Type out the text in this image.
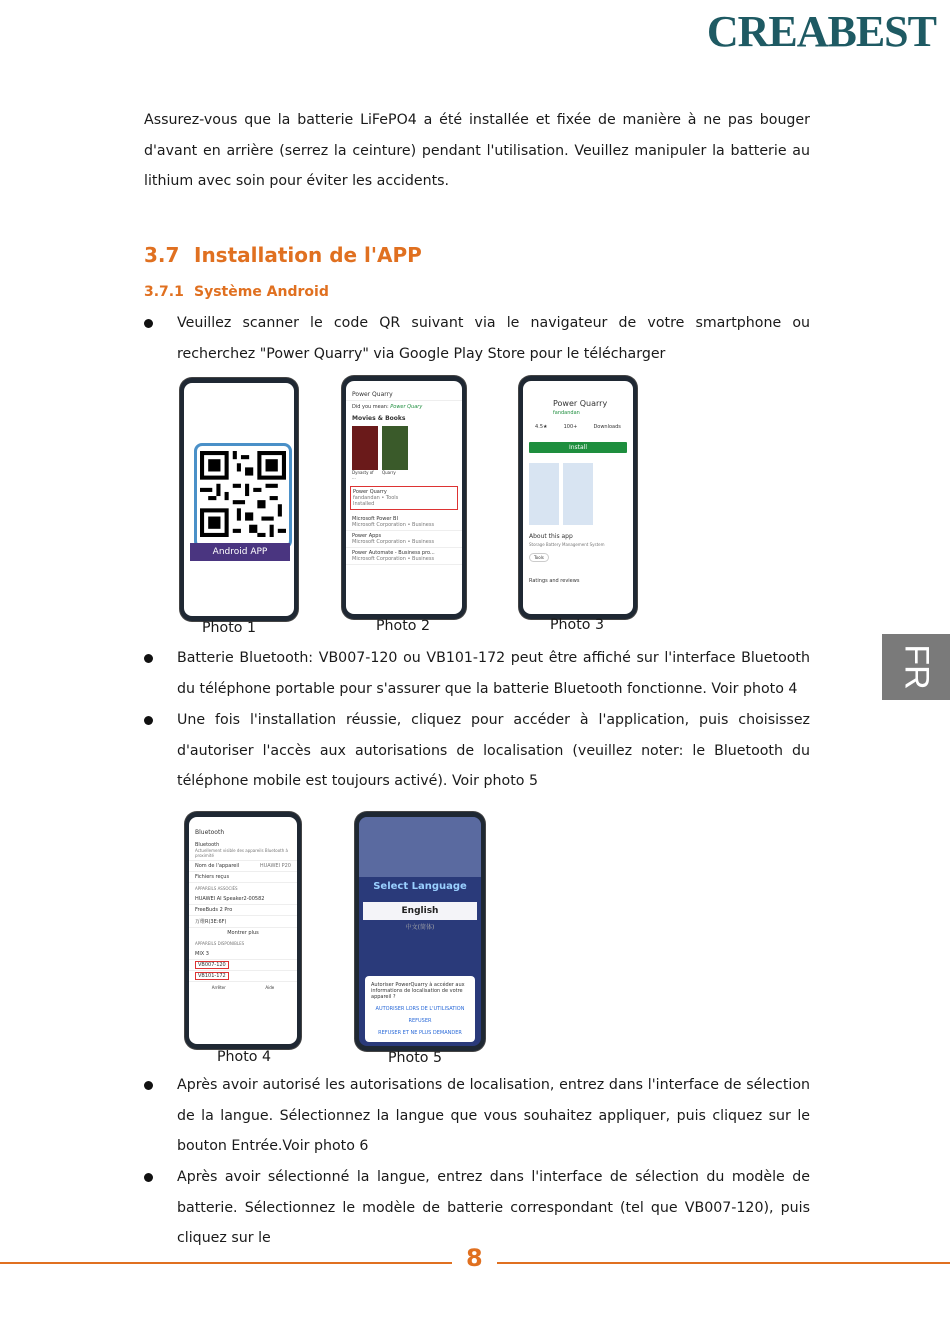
CREABEST
Assurez-vous que la batterie LiFePO4 a été installée et fixée de manière à ne pas bouger d'avant en arrière (serrez la ceinture) pendant l'utilisation. Veuillez manipuler la batterie au lithium avec soin pour éviter les accidents.
3.7 Installation de l'APP
3.7.1 Système Android
Veuillez scanner le code QR suivant via le navigateur de votre smartphone ou recherchez "Power Quarry" via Google Play Store pour le télécharger
Android APP
Power Quarry
Did you mean: Power Quary
Movies & Books
Dynasty of ...
Quarry
Power Quarry
fandandan • Tools
Installed
Microsoft Power BI
Microsoft Corporation • Business
Power Apps
Microsoft Corporation • Business
Power Automate - Business pro...
Microsoft Corporation • Business
Power Quarry
fandandan
4.5★	100+	Downloads
Install
About this app
Storage Battery Management System
Tools
Ratings and reviews
Photo 1	Photo 2	Photo 3
Batterie Bluetooth: VB007-120 ou VB101-172 peut être affiché sur l'interface Bluetooth du téléphone portable pour s'assurer que la batterie Bluetooth fonctionne. Voir photo 4
Une fois l'installation réussie, cliquez pour accéder à l'application, puis choisissez d'autoriser l'accès aux autorisations de localisation (veuillez noter: le Bluetooth du téléphone mobile est toujours activé). Voir photo 5
Bluetooth
Bluetooth
Actuellement visible des appareils Bluetooth à proximité
Nom de l'appareil	HUAWEI P20
Fichiers reçus
APPAREILS ASSOCIÉS
HUAWEI AI Speaker2-00582
FreeBuds 2 Pro
万维R(3E:6F)
Montrer plus
APPAREILS DISPONIBLES
MIX 3
VB007-120
VB101-172
Arrêter	Aide
Select Language
English
中文(简体)
Autoriser PowerQuarry à accéder aux informations de localisation de votre appareil ?
AUTORISER LORS DE L'UTILISATION
REFUSER
REFUSER ET NE PLUS DEMANDER
Photo 4	Photo 5
Après avoir autorisé les autorisations de localisation, entrez dans l'interface de sélection de la langue. Sélectionnez la langue que vous souhaitez appliquer, puis cliquez sur le bouton Entrée.Voir photo 6
Après avoir sélectionné la langue, entrez dans l'interface de sélection du modèle de batterie. Sélectionnez le modèle de batterie correspondant (tel que VB007-120), puis cliquez sur le
FR
8
